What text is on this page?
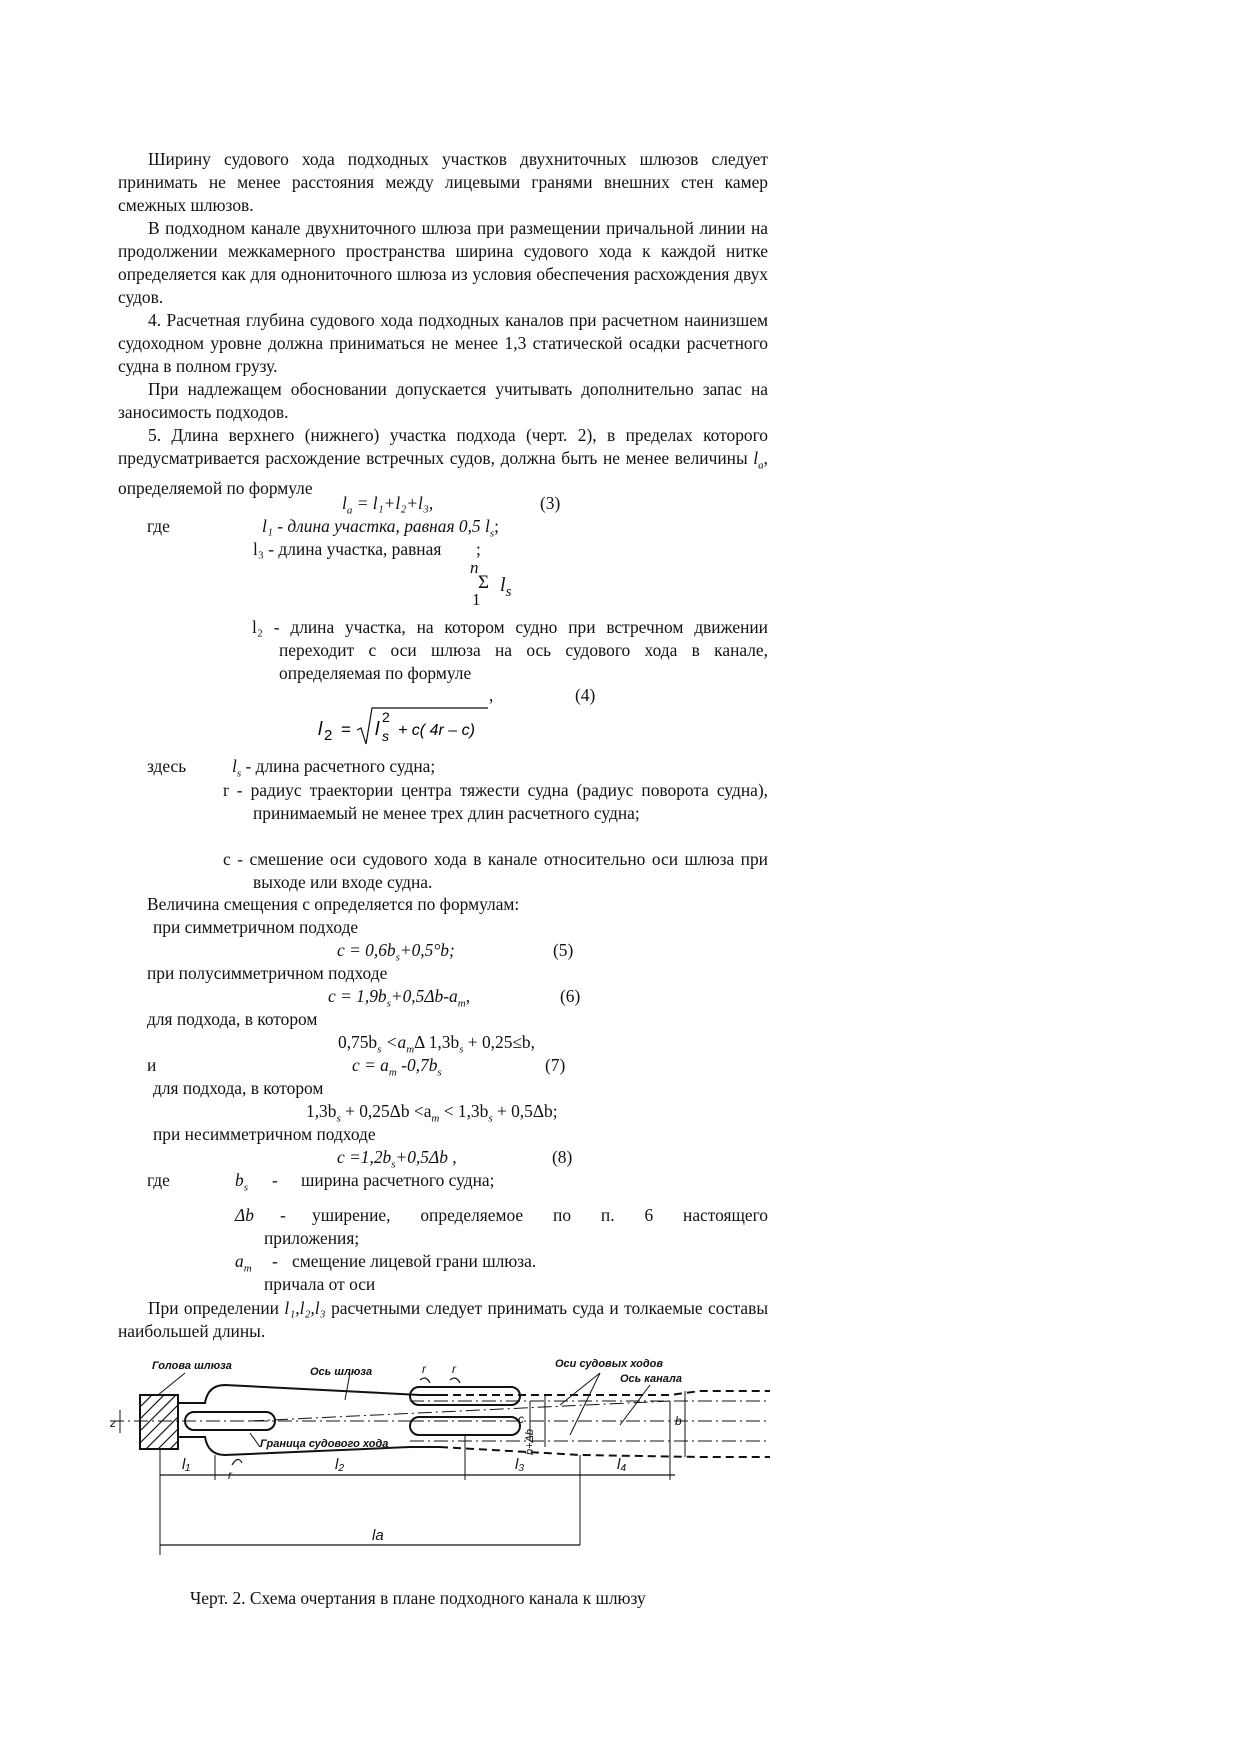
Ширину судового хода подходных участков двухниточных шлюзов следует принимать не менее расстояния между лицевыми гранями внешних стен камер смежных шлюзов.

В подходном канале двухниточного шлюза при размещении причальной линии на продолжении межкамерного пространства ширина судового хода к каждой нитке определяется как для однониточного шлюза из условия обеспечения расхождения двух судов.

4. Расчетная глубина судового хода подходных каналов при расчетном наинизшем судоходном уровне должна приниматься не менее 1,3 статической осадки расчетного судна в полном грузу.

При надлежащем обосновании допускается учитывать дополнительно запас на заносимость подходов.

5. Длина верхнего (нижнего) участка подхода (черт. 2), в пределах которого предусматривается расхождение встречных судов, должна быть не менее величины $l_a$, определяемой по формуле

$l_a = l_1+l_2+l_3$,	(3)
где	l₁ - длина участка, равная 0,5 $l_s$;
l₃ - длина участка, равная ;
n
Σ $l_s$
1

l₂ - длина участка, на котором судно при встречном движении переходит с оси шлюза на ось судового хода в канале, определяемая по формуле

,	(4)
l 2 = l
2
s + c( 4r – c)
здесь	$l_s$ - длина расчетного судна;

r - радиус траектории центра тяжести судна (радиус поворота судна), принимаемый не менее трех длин расчетного судна;

c - смешение оси судового хода в канале относительно оси шлюза при выходе или входе судна.

Величина смещения c определяется по формулам:
при симметричном подходе
$c = 0,6b_s+0,5^\circ b$;	(5)
при полусимметричном подходе
$c = 1,9b_s+0,5\Delta b-a_m$,	(6)
для подхода, в котором
$0,75b_s <a_m\Delta$ $1,3b_s + 0,25\le b$,
и	$c = a_m$ $-0,7b_s$	(7)
для подхода, в котором
$1,3b_s + 0,25\Delta b <a_m < 1,3b_s + 0,5\Delta b$;
при несимметричном подходе
$c =1,2b_s+0,5\Delta b$ ,	(8)
где	$b_s$ - ширина расчетного судна;
Δb - уширение, определяемое по п. 6 настоящего
приложения;
$a_m$ - смещение лицевой грани шлюза.
причала от оси

При определении l₁,l₂,l₃ расчетными следует принимать суда и толкаемые составы наибольшей длины.

Голова шлюза	Ось шлюза
Оси судовых ходов
Ось канала
Граница судового хода
l₁	l₂	l₃	l₄
la
z	c
b+Δb
b
r r
r
Черт. 2. Схема очертания в плане подходного канала к шлюзу
